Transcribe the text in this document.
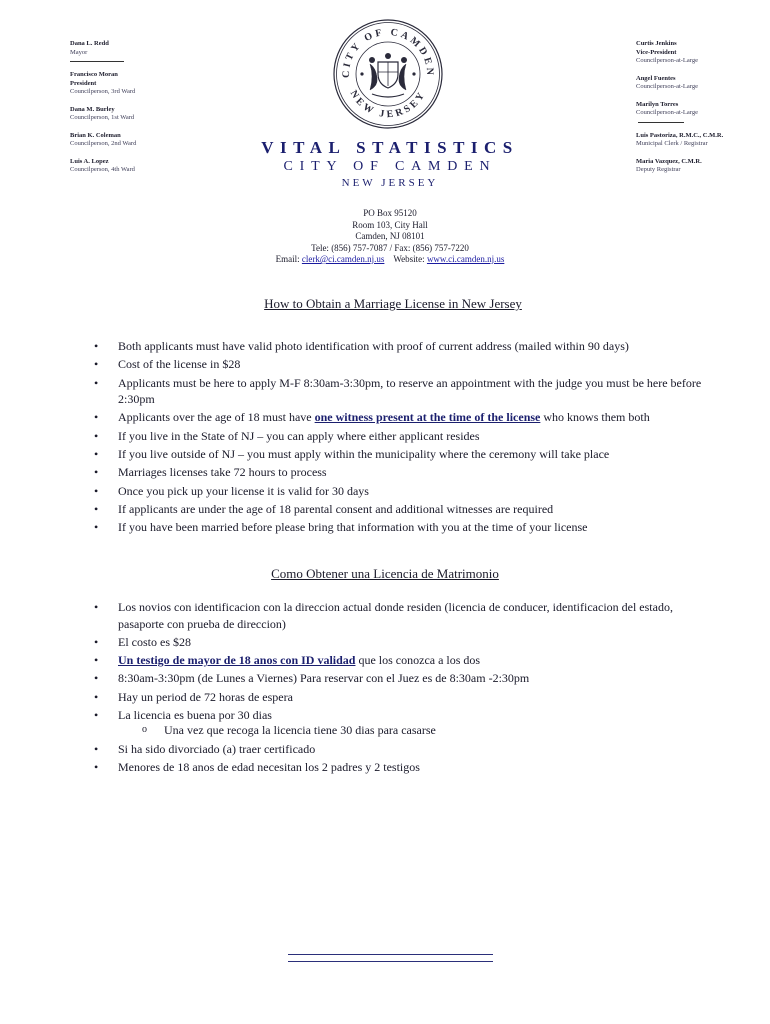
Dana L. Redd
Mayor
Francisco Moran
President
Councilperson, 3rd Ward
Dana M. Burley
Councilperson, 1st Ward
Brian K. Coleman
Councilperson, 2nd Ward
Luis A. Lopez
Councilperson, 4th Ward
Curtis Jenkins
Vice-President
Councilperson-at-Large
Angel Fuentes
Councilperson-at-Large
Marilyn Torres
Councilperson-at-Large
Luis Pastoriza, R.M.C., C.M.R.
Municipal Clerk / Registrar
Maria Vazquez, C.M.R.
Deputy Registrar
CITY OF CAMDEN
NEW JERSEY
VITAL STATISTICS
CITY OF CAMDEN
NEW JERSEY
PO Box 95120
Room 103, City Hall
Camden, NJ 08101
Tele: (856) 757-7087 / Fax: (856) 757-7220
Email: clerk@ci.camden.nj.us Website: www.ci.camden.nj.us
How to Obtain a Marriage License in New Jersey
• Both applicants must have valid photo identification with proof of current address (mailed within 90 days)
• Cost of the license in $28
• Applicants must be here to apply M-F 8:30am-3:30pm, to reserve an appointment with the judge you must be here before 2:30pm
• Applicants over the age of 18 must have one witness present at the time of the license who knows them both
• If you live in the State of NJ – you can apply where either applicant resides
• If you live outside of NJ – you must apply within the municipality where the ceremony will take place
• Marriages licenses take 72 hours to process
• Once you pick up your license it is valid for 30 days
• If applicants are under the age of 18 parental consent and additional witnesses are required
• If you have been married before please bring that information with you at the time of your license
Como Obtener una Licencia de Matrimonio
• Los novios con identificacion con la direccion actual donde residen (licencia de conducer, identificacion del estado, pasaporte con prueba de direccion)
• El costo es $28
• Un testigo de mayor de 18 anos con ID validad que los conozca a los dos
• 8:30am-3:30pm (de Lunes a Viernes) Para reservar con el Juez es de 8:30am -2:30pm
• Hay un period de 72 horas de espera
• La licencia es buena por 30 dias
o Una vez que recoga la licencia tiene 30 dias para casarse
• Si ha sido divorciado (a) traer certificado
• Menores de 18 anos de edad necesitan los 2 padres y 2 testigos
